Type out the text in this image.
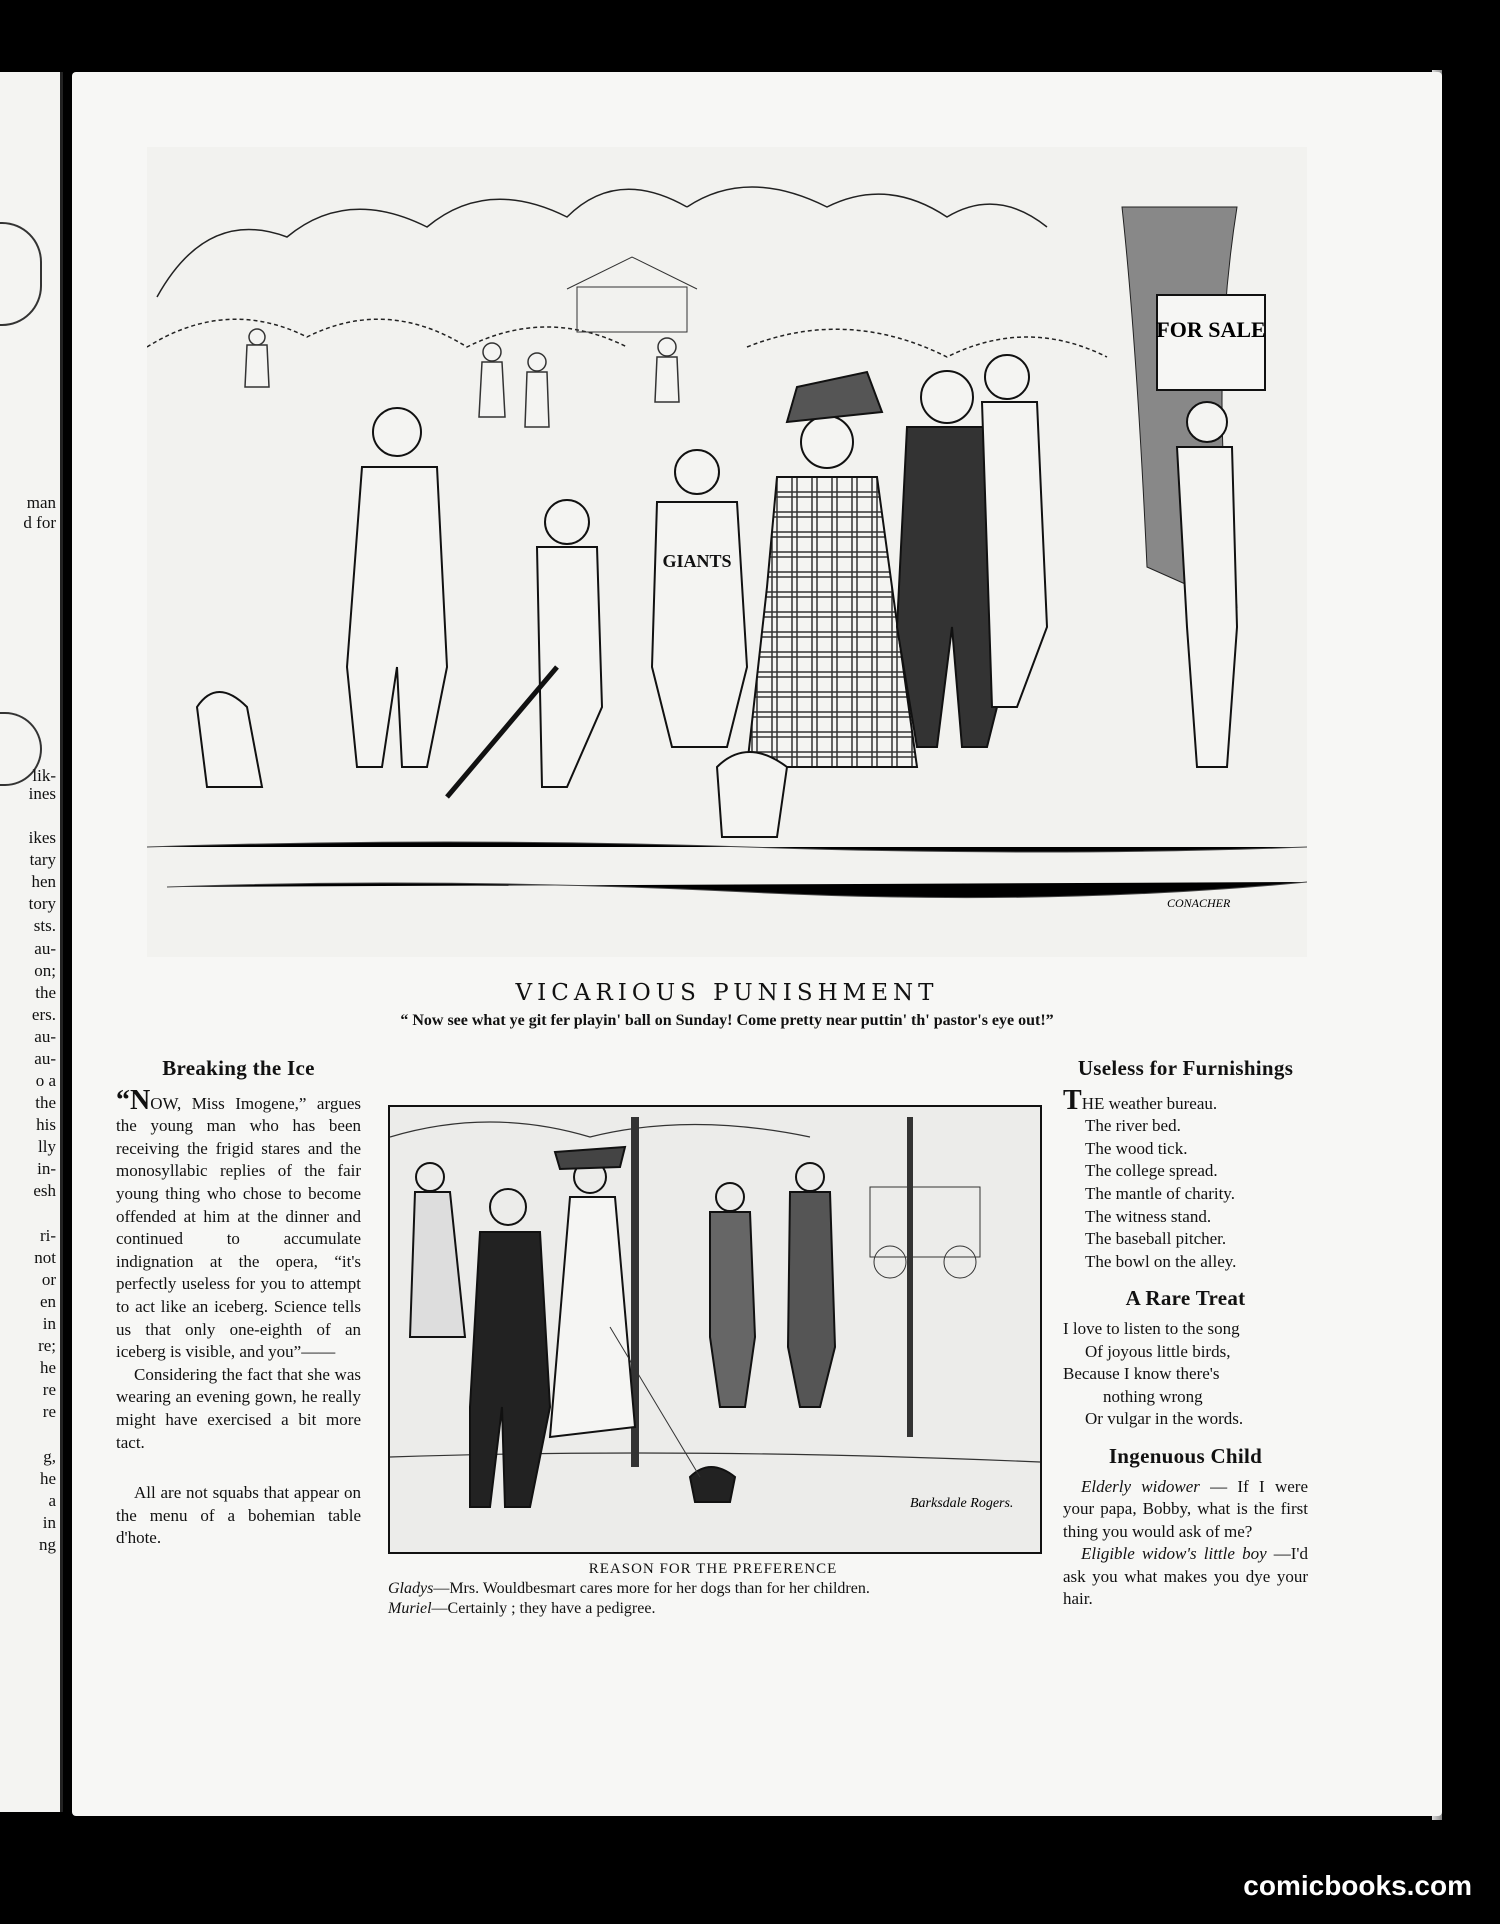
man
d for
lik-
ines
ikes
tary
hen
tory
sts.
au-
on;
the
ers.
au-
au-
o a
the
his
lly
in-
esh
ri-
not
or
en
in
re;
he
re
re
g,
he
a
in
ng
FOR SALE
GIANTS
CONACHER
VICARIOUS PUNISHMENT
“ Now see what ye git fer playin' ball on Sunday! Come pretty near puttin' th' pastor's eye out!”
Breaking the Ice

“NOW, Miss Imogene,” argues the young man who has been receiving the frigid stares and the monosyllabic replies of the fair young thing who chose to become offended at him at the dinner and continued to accumulate indignation at the opera, “it's perfectly useless for you to attempt to act like an iceberg. Science tells us that only one-eighth of an iceberg is visible, and you”——

Considering the fact that she was wearing an evening gown, he really might have exercised a bit more tact.

All are not squabs that appear on the menu of a bohemian table d'hote.

Barksdale Rogers.
REASON FOR THE PREFERENCE
Gladys—Mrs. Wouldbesmart cares more for her dogs than for her children.
Muriel—Certainly ; they have a pedigree.
Useless for Furnishings
THE weather bureau.
The river bed.
The wood tick.
The college spread.
The mantle of charity.
The witness stand.
The baseball pitcher.
The bowl on the alley.
A Rare Treat
I love to listen to the song
Of joyous little birds,
Because I know there's
nothing wrong
Or vulgar in the words.
Ingenuous Child

Elderly widower — If I were your papa, Bobby, what is the first thing you would ask of me?

Eligible widow's little boy —I'd ask you what makes you dye your hair.

comicbooks.com
